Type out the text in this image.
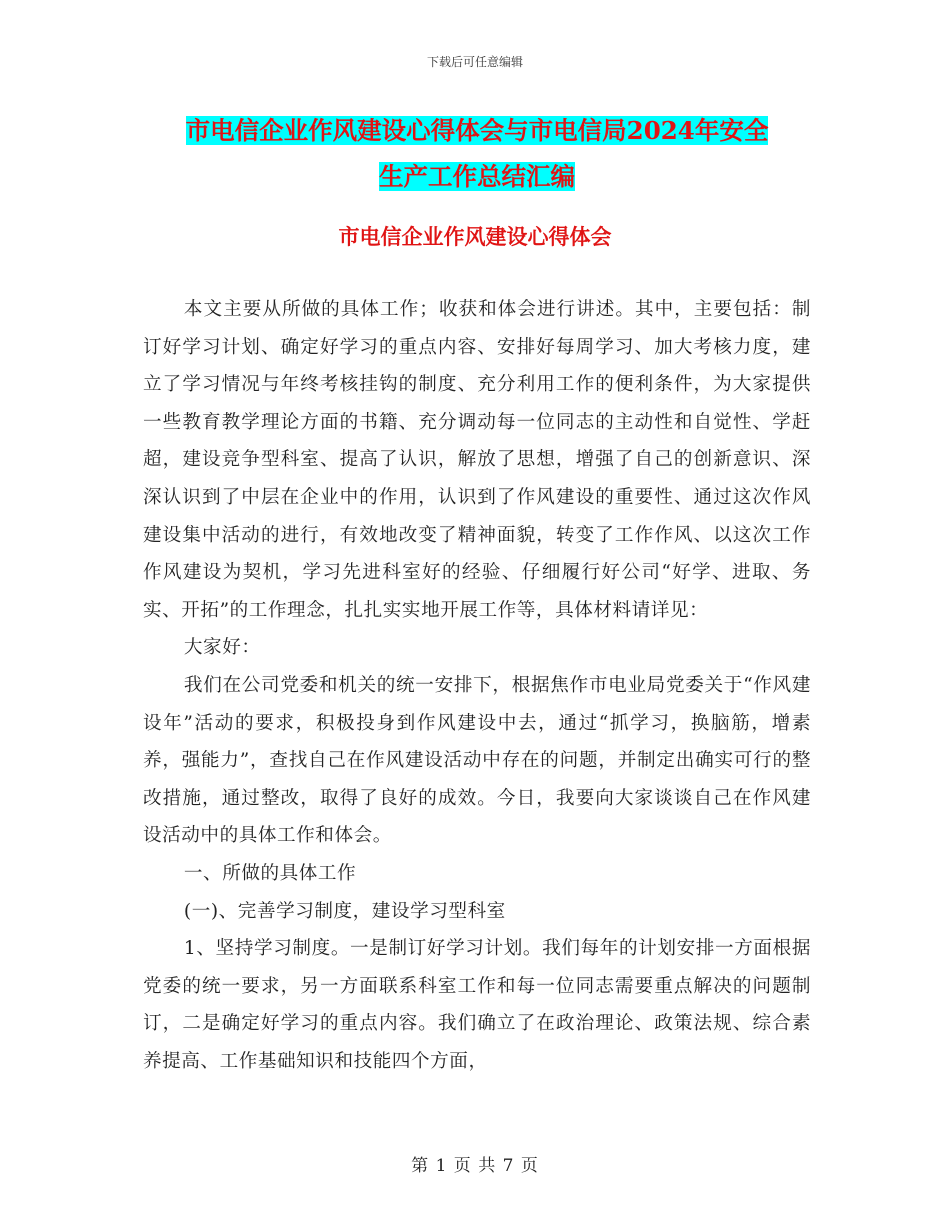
下载后可任意编辑
市电信企业作风建设心得体会与市电信局2024年安全
生产工作总结汇编
市电信企业作风建设心得体会

本文主要从所做的具体工作；收获和体会进行讲述。其中，主要包括：制订好学习计划、确定好学习的重点内容、安排好每周学习、加大考核力度，建立了学习情况与年终考核挂钩的制度、充分利用工作的便利条件，为大家提供一些教育教学理论方面的书籍、充分调动每一位同志的主动性和自觉性、学赶超，建设竞争型科室、提高了认识，解放了思想，增强了自己的创新意识、深深认识到了中层在企业中的作用，认识到了作风建设的重要性、通过这次作风建设集中活动的进行，有效地改变了精神面貌，转变了工作作风、以这次工作作风建设为契机，学习先进科室好的经验、仔细履行好公司“好学、进取、务实、开拓”的工作理念，扎扎实实地开展工作等，具体材料请详见：

大家好：

我们在公司党委和机关的统一安排下，根据焦作市电业局党委关于“作风建设年”活动的要求，积极投身到作风建设中去，通过“抓学习，换脑筋，增素养，强能力”，查找自己在作风建设活动中存在的问题，并制定出确实可行的整改措施，通过整改，取得了良好的成效。今日，我要向大家谈谈自己在作风建设活动中的具体工作和体会。

一、所做的具体工作

(一)、完善学习制度，建设学习型科室

1、坚持学习制度。一是制订好学习计划。我们每年的计划安排一方面根据党委的统一要求，另一方面联系科室工作和每一位同志需要重点解决的问题制订，二是确定好学习的重点内容。我们确立了在政治理论、政策法规、综合素养提高、工作基础知识和技能四个方面，

第 1 页 共 7 页
